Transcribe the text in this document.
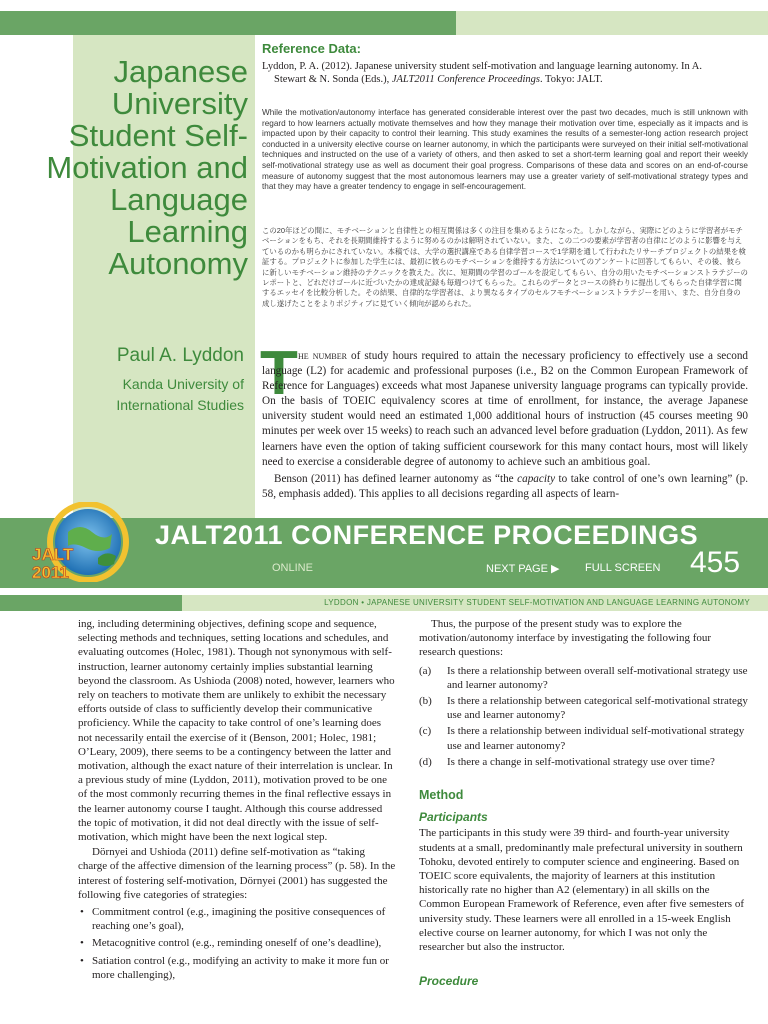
Japanese University Student Self-Motivation and Language Learning Autonomy
Paul A. Lyddon
Kanda University of International Studies
Reference Data:
Lyddon, P. A. (2012). Japanese university student self-motivation and language learning autonomy. In A.
Stewart & N. Sonda (Eds.), JALT2011 Conference Proceedings. Tokyo: JALT.
While the motivation/autonomy interface has generated considerable interest over the past two decades, much is still unknown with regard to how learners actually motivate themselves and how they manage their motivation over time, especially as it impacts and is impacted upon by their capacity to control their learning. This study examines the results of a semester-long action research project conducted in a university elective course on learner autonomy, in which the participants were surveyed on their initial self-motivational techniques and instructed on the use of a variety of others, and then asked to set a short-term learning goal and report their weekly self-motivational strategy use as well as document their goal progress. Comparisons of these data and scores on an end-of-course measure of autonomy suggest that the most autonomous learners may use a greater variety of self-motivational strategy types and that they may have a greater tendency to engage in self-encouragement.
この20年ほどの間に、モチベーションと自律性との相互関係は多くの注目を集めるようになった。しかしながら、実際にどのように学習者がモチベーションをもち、それを長期間維持するように努めるのかは解明されていない。また、この二つの要素が学習者の自律にどのように影響を与えているのかも明らかにされていない。本稿では、大学の選択講座である自律学習コースで1学期を通して行われたリサーチプロジェクトの結果を検証する。プロジェクトに参加した学生には、最初に彼らのモチベーションを維持する方法についてのアンケートに回答してもらい、その後、彼らに新しいモチベーション維持のテクニックを教えた。次に、短期間の学習のゴールを設定してもらい、自分の用いたモチベーションストラテジーのレポートと、どれだけゴールに近づいたかの達成記録も毎週つけてもらった。これらのデータとコースの終わりに提出してもらった自律学習に関するエッセイを比較分析した。その結果、自律的な学習者は、より異なるタイプのセルフモチベーションストラテジーを用い、また、自分自身の成し遂げたことをよりポジティブに見ていく傾向が認められた。
T he number of study hours required to attain the necessary proficiency to effectively use a second language (L2) for academic and professional purposes (i.e., B2 on the Common European Framework of Reference for Languages) exceeds what most Japanese university language programs can typically provide. On the basis of TOEIC equivalency scores at time of enrollment, for instance, the average Japanese university student would need an estimated 1,000 additional hours of instruction (45 courses meeting 90 minutes per week over 15 weeks) to reach such an advanced level before graduation (Lyddon, 2011). As few learners have even the option of taking sufficient coursework for this many contact hours, most will likely need to exercise a considerable degree of autonomy to achieve such an ambitious goal.

Benson (2011) has defined learner autonomy as “the capacity to take control of one’s own learning” (p. 58, emphasis added). This applies to all decisions regarding all aspects of learn-

JALT2011 CONFERENCE PROCEEDINGS
ONLINE	NEXT PAGE ▶ FULL SCREEN 455
JALT
2011
LYDDON • JAPANESE UNIVERSITY STUDENT SELF-MOTIVATION AND LANGUAGE LEARNING AUTONOMY

ing, including determining objectives, defining scope and sequence, selecting methods and techniques, setting locations and schedules, and evaluating outcomes (Holec, 1981). Though not synonymous with self-instruction, learner autonomy certainly implies substantial learning beyond the classroom. As Ushioda (2008) noted, however, learners who rely on teachers to motivate them are unlikely to exhibit the necessary efforts outside of class to sufficiently develop their communicative proficiency. While the capacity to take control of one’s learning does not necessarily entail the exercise of it (Benson, 2001; Holec, 1981; O’Leary, 2009), there seems to be a contingency between the latter and motivation, although the exact nature of their interrelation is unclear. In a previous study of mine (Lyddon, 2011), motivation proved to be one of the most commonly recurring themes in the final reflective essays in the learner autonomy course I taught. Although this course addressed the topic of motivation, it did not deal directly with the issue of self-motivation, which might have been the next logical step.

Dörnyei and Ushioda (2011) define self-motivation as “taking charge of the affective dimension of the learning process” (p. 58). In the interest of fostering self-motivation, Dörnyei (2001) has suggested the following five categories of strategies:

• Commitment control (e.g., imagining the positive consequences of reaching one’s goal),
• Metacognitive control (e.g., reminding oneself of one’s deadline),
• Satiation control (e.g., modifying an activity to make it more fun or more challenging),

Thus, the purpose of the present study was to explore the motivation/autonomy interface by investigating the following four research questions:

(a) Is there a relationship between overall self-motivational strategy use and learner autonomy?
(b) Is there a relationship between categorical self-motivational strategy use and learner autonomy?
(c) Is there a relationship between individual self-motivational strategy use and learner autonomy?
(d) Is there a change in self-motivational strategy use over time?

Method

Participants

The participants in this study were 39 third- and fourth-year university students at a small, predominantly male prefectural university in southern Tohoku, devoted entirely to computer science and engineering. Based on TOEIC score equivalents, the majority of learners at this institution historically rate no higher than A2 (elementary) in all skills on the Common European Framework of Reference, even after five semesters of university study. These learners were all enrolled in a 15-week English elective course on learner autonomy, for which I was not only the researcher but also the instructor.

Procedure
